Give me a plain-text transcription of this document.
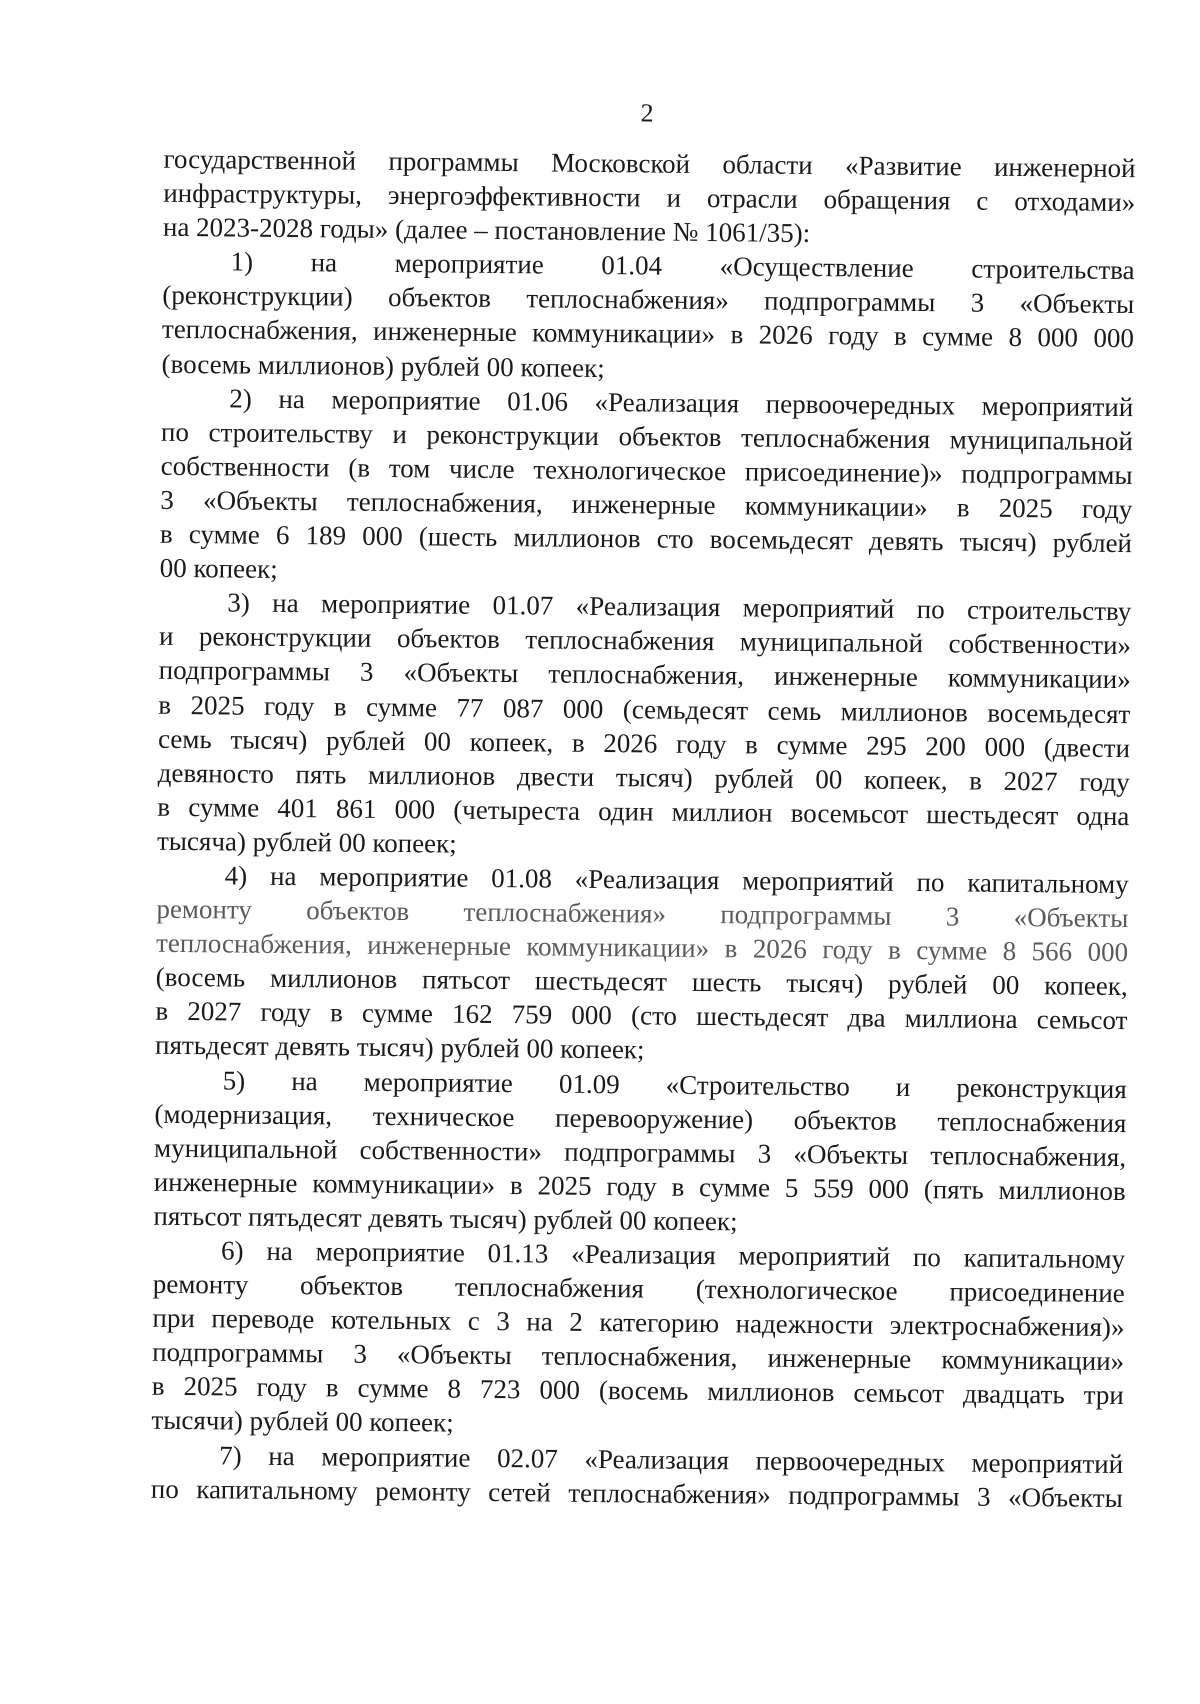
2
государственной программы Московской области «Развитие инженерной
инфраструктуры, энергоэффективности и отрасли обращения с отходами»
на 2023-2028 годы» (далее – постановление № 1061/35):
1) на мероприятие 01.04 «Осуществление строительства
(реконструкции) объектов теплоснабжения» подпрограммы 3 «Объекты
теплоснабжения, инженерные коммуникации» в 2026 году в сумме 8 000 000
(восемь миллионов) рублей 00 копеек;
2) на мероприятие 01.06 «Реализация первоочередных мероприятий
по строительству и реконструкции объектов теплоснабжения муниципальной
собственности (в том числе технологическое присоединение)» подпрограммы
3 «Объекты теплоснабжения, инженерные коммуникации» в 2025 году
в сумме 6 189 000 (шесть миллионов сто восемьдесят девять тысяч) рублей
00 копеек;
3) на мероприятие 01.07 «Реализация мероприятий по строительству
и реконструкции объектов теплоснабжения муниципальной собственности»
подпрограммы 3 «Объекты теплоснабжения, инженерные коммуникации»
в 2025 году в сумме 77 087 000 (семьдесят семь миллионов восемьдесят
семь тысяч) рублей 00 копеек, в 2026 году в сумме 295 200 000 (двести
девяносто пять миллионов двести тысяч) рублей 00 копеек, в 2027 году
в сумме 401 861 000 (четыреста один миллион восемьсот шестьдесят одна
тысяча) рублей 00 копеек;
4) на мероприятие 01.08 «Реализация мероприятий по капитальному
ремонту объектов теплоснабжения» подпрограммы 3 «Объекты
теплоснабжения, инженерные коммуникации» в 2026 году в сумме 8 566 000
(восемь миллионов пятьсот шестьдесят шесть тысяч) рублей 00 копеек,
в 2027 году в сумме 162 759 000 (сто шестьдесят два миллиона семьсот
пятьдесят девять тысяч) рублей 00 копеек;
5) на мероприятие 01.09 «Строительство и реконструкция
(модернизация, техническое перевооружение) объектов теплоснабжения
муниципальной собственности» подпрограммы 3 «Объекты теплоснабжения,
инженерные коммуникации» в 2025 году в сумме 5 559 000 (пять миллионов
пятьсот пятьдесят девять тысяч) рублей 00 копеек;
6) на мероприятие 01.13 «Реализация мероприятий по капитальному
ремонту объектов теплоснабжения (технологическое присоединение
при переводе котельных с 3 на 2 категорию надежности электроснабжения)»
подпрограммы 3 «Объекты теплоснабжения, инженерные коммуникации»
в 2025 году в сумме 8 723 000 (восемь миллионов семьсот двадцать три
тысячи) рублей 00 копеек;
7) на мероприятие 02.07 «Реализация первоочередных мероприятий
по капитальному ремонту сетей теплоснабжения» подпрограммы 3 «Объекты
